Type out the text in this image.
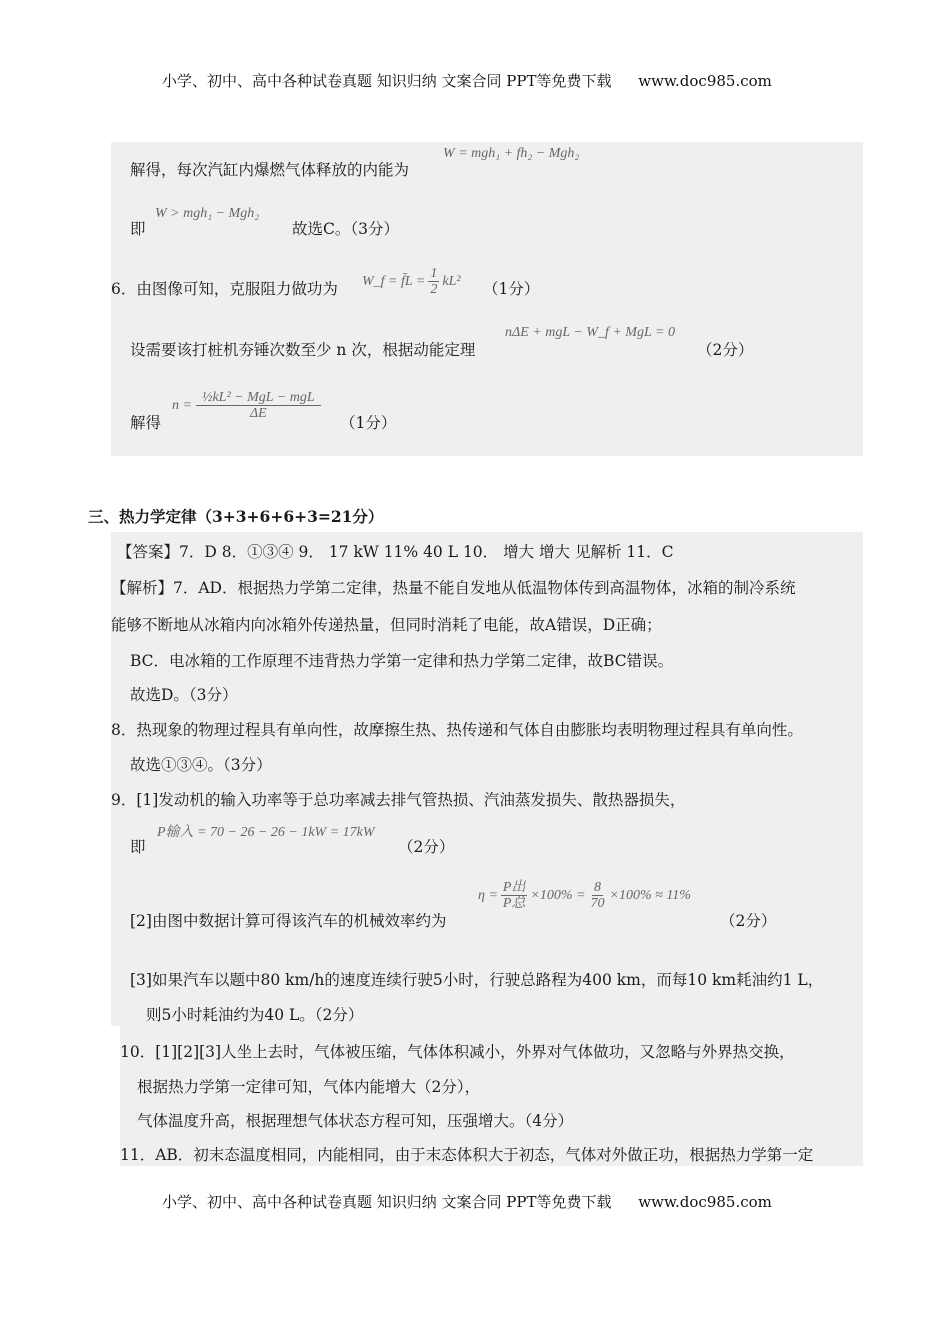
小学、初中、高中各种试卷真题 知识归纳 文案合同 PPT等免费下载 www.doc985.com
解得，每次汽缸内爆燃气体释放的内能为
W = mgh₁ + fh₂ − Mgh₂
即
W > mgh₁ − Mgh₂
故选C。（3分）
6．由图像可知，克服阻力做功为 W_f = f̄L = $\frac{1}{2} kL^2$ （1分）
设需要该打桩机夯锤次数至少 n 次，根据动能定理
nΔE + mgL − W_f + MgL = 0
（2分）
解得
$n = \frac{\text{½kL² − MgL − mgL}}{\Delta E}$
（1分）
三、热力学定律（3+3+6+6+3=21分）
【答案】7．D 8．①③④ 9． 17 kW 11% 40 L 10． 增大 增大 见解析 11．C
【解析】7．AD．根据热力学第二定律，热量不能自发地从低温物体传到高温物体，冰箱的制冷系统
能够不断地从冰箱内向冰箱外传递热量，但同时消耗了电能，故A错误，D正确；
BC．电冰箱的工作原理不违背热力学第一定律和热力学第二定律，故BC错误。
故选D。（3分）
8．热现象的物理过程具有单向性，故摩擦生热、热传递和气体自由膨胀均表明物理过程具有单向性。
故选①③④。（3分）
9．[1]发动机的输入功率等于总功率减去排气管热损、汽油蒸发损失、散热器损失，
即
P输入 = 70 − 26 − 26 − 1kW = 17kW
（2分）
[2]由图中数据计算可得该汽车的机械效率约为
$\eta = \frac{\text{P出}}{\text{P总}} \times 100\% = \frac{8}{70} \times 100\% \approx 11\%$
（2分）
[3]如果汽车以题中80 km/h的速度连续行驶5小时，行驶总路程为400 km，而每10 km耗油约1 L，
则5小时耗油约为40 L。（2分）
10．[1][2][3]人坐上去时，气体被压缩，气体体积减小，外界对气体做功，又忽略与外界热交换，
根据热力学第一定律可知，气体内能增大（2分），
气体温度升高，根据理想气体状态方程可知，压强增大。（4分）
11．AB．初末态温度相同，内能相同，由于末态体积大于初态，气体对外做正功，根据热力学第一定
小学、初中、高中各种试卷真题 知识归纳 文案合同 PPT等免费下载 www.doc985.com
